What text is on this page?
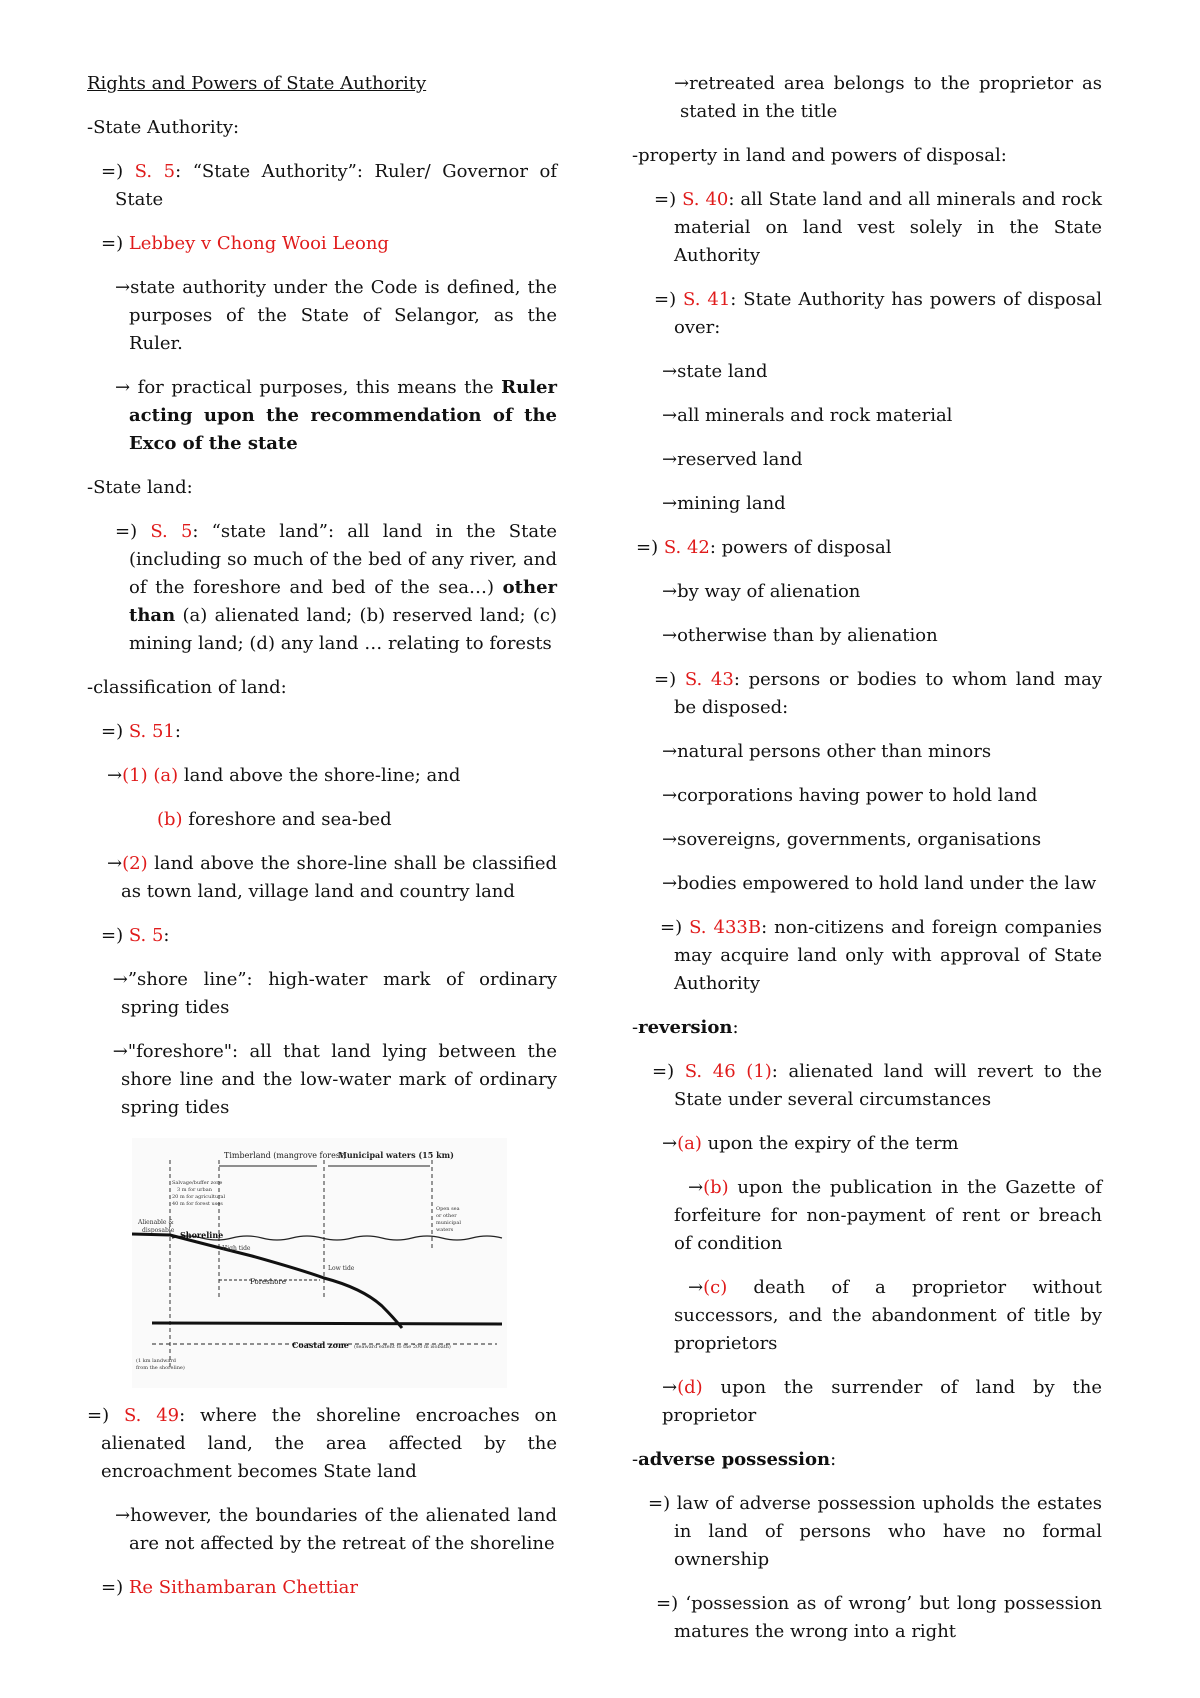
Rights and Powers of State Authority

-State Authority:

=) S. 5: “State Authority”: Ruler/ Governor of State

=) Lebbey v Chong Wooi Leong

→state authority under the Code is defined, the purposes of the State of Selangor, as the Ruler.

→ for practical purposes, this means the Ruler acting upon the recommendation of the Exco of the state

-State land:

=) S. 5: “state land”: all land in the State (including so much of the bed of any river, and of the foreshore and bed of the sea…) other than (a) alienated land; (b) reserved land; (c) mining land; (d) any land … relating to forests

-classification of land:

=) S. 51:

→(1) (a) land above the shore-line; and

(b) foreshore and sea-bed

→(2) land above the shore-line shall be classified as town land, village land and country land

=) S. 5:

→”shore line”: high-water mark of ordinary spring tides

→"foreshore": all that land lying between the shore line and the low-water mark of ordinary spring tides

Timberland (mangrove forest)
Municipal waters (15 km)
Salvage/buffer zone
3 m for urban
20 m for agricultural
40 m for forest uses
Alienable &
disposable
Open sea
or other
municipal
waters
Shoreline
High tide
Low tide
Foreshore
Coastal zone (seaward extent to the 200 m isobath)
(1 km landward
from the shoreline)

=) S. 49: where the shoreline encroaches on alienated land, the area affected by the encroachment becomes State land

→however, the boundaries of the alienated land are not affected by the retreat of the shoreline

=) Re Sithambaran Chettiar

→retreated area belongs to the proprietor as stated in the title

-property in land and powers of disposal:

=) S. 40: all State land and all minerals and rock material on land vest solely in the State Authority

=) S. 41: State Authority has powers of disposal over:

→state land

→all minerals and rock material

→reserved land

→mining land

=) S. 42: powers of disposal

→by way of alienation

→otherwise than by alienation

=) S. 43: persons or bodies to whom land may be disposed:

→natural persons other than minors

→corporations having power to hold land

→sovereigns, governments, organisations

→bodies empowered to hold land under the law

=) S. 433B: non-citizens and foreign companies may acquire land only with approval of State Authority

-reversion:

=) S. 46 (1): alienated land will revert to the State under several circumstances

→(a) upon the expiry of the term

→(b) upon the publication in the Gazette of forfeiture for non-payment of rent or breach of condition

→(c) death of a proprietor without successors, and the abandonment of title by proprietors

→(d) upon the surrender of land by the proprietor

-adverse possession:

=) law of adverse possession upholds the estates in land of persons who have no formal ownership

=) ‘possession as of wrong’ but long possession matures the wrong into a right
